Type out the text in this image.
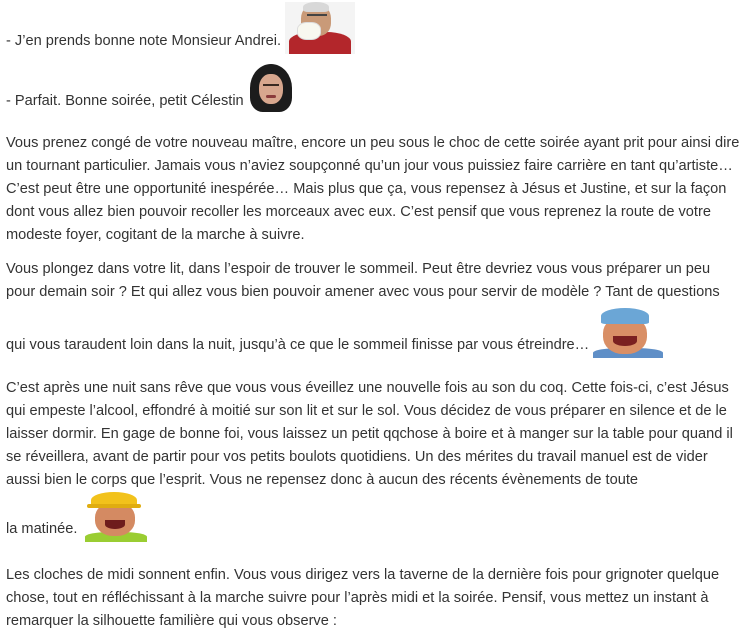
- J’en prends bonne note Monsieur Andrei.
- Parfait. Bonne soirée, petit Célestin

Vous prenez congé de votre nouveau maître, encore un peu sous le choc de cette soirée ayant prit pour ainsi dire un tournant particulier. Jamais vous n’aviez soupçonné qu’un jour vous puissiez faire carrière en tant qu’artiste… C’est peut être une opportunité inespérée… Mais plus que ça, vous repensez à Jésus et Justine, et sur la façon dont vous allez bien pouvoir recoller les morceaux avec eux. C’est pensif que vous reprenez la route de votre modeste foyer, cogitant de la marche à suivre.

Vous plongez dans votre lit, dans l’espoir de trouver le sommeil. Peut être devriez vous vous préparer un peu pour demain soir ? Et qui allez vous bien pouvoir amener avec vous pour servir de modèle ? Tant de questions

qui vous taraudent loin dans la nuit, jusqu’à ce que le sommeil finisse par vous étreindre…

C’est après une nuit sans rêve que vous vous éveillez une nouvelle fois au son du coq. Cette fois-ci, c’est Jésus qui empeste l’alcool, effondré à moitié sur son lit et sur le sol. Vous décidez de vous préparer en silence et de le laisser dormir. En gage de bonne foi, vous laissez un petit qqchose à boire et à manger sur la table pour quand il se réveillera, avant de partir pour vos petits boulots quotidiens. Un des mérites du travail manuel est de vider aussi bien le corps que l’esprit. Vous ne repensez donc à aucun des récents évènements de toute

la matinée.

Les cloches de midi sonnent enfin. Vous vous dirigez vers la taverne de la dernière fois pour grignoter quelque chose, tout en réfléchissant à la marche suivre pour l’après midi et la soirée. Pensif, vous mettez un instant à remarquer la silhouette familière qui vous observe :
